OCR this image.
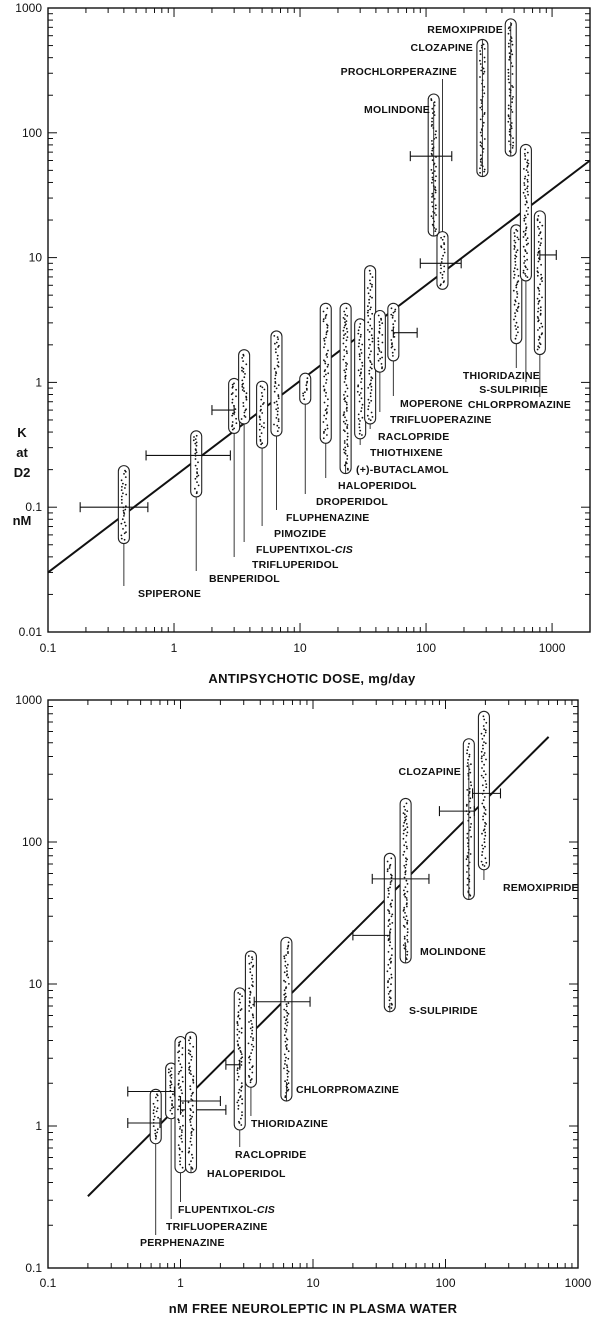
0.1	1	10	100	1000
0.01
0.1
1
10
100
1000
ANTIPSYCHOTIC DOSE, mg/day
K
at
D2
nM
SPIPERONE
BENPERIDOL
TRIFLUPERIDOL
FLUPENTIXOL-CIS
PIMOZIDE
FLUPHENAZINE
DROPERIDOL
HALOPERIDOL
(+)-BUTACLAMOL
THIOTHIXENE
RACLOPRIDE
TRIFLUOPERAZINE
MOPERONE
MOLINDONE
PROCHLORPERAZINE
CLOZAPINE
REMOXIPRIDE
THIORIDAZINE
S-SULPIRIDE
CHLORPROMAZINE
0.1	1	10	100	1000
0.1
1
10
100
1000
nM FREE NEUROLEPTIC IN PLASMA WATER
PERPHENAZINE
TRIFLUOPERAZINE
FLUPENTIXOL-CIS
HALOPERIDOL
RACLOPRIDE
THIORIDAZINE
CHLORPROMAZINE
S-SULPIRIDE
MOLINDONE
CLOZAPINE
REMOXIPRIDE
